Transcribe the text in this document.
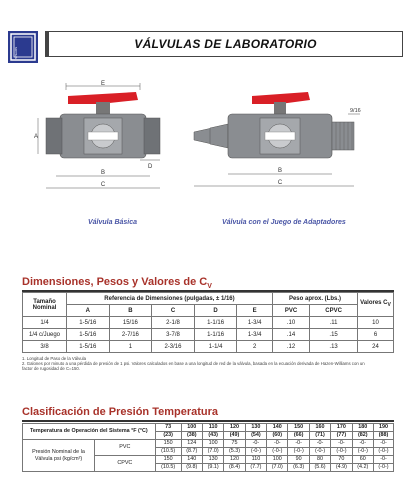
SPEARS
VÁLVULAS DE LABORATORIO
E
A
D
B
C
Válvula Básica
9/16
B
C
Válvula con el Juego de Adaptadores
Dimensiones, Pesos y Valores de $C_V$
Tamaño Nominal	Referencia de Dimensiones (pulgadas, ± 1/16)					Peso aprox. (Lbs.)		Valores $C_V$
	A	B	C	D	E	PVC	CPVC	
1/4	1-5/16	15/16	2-1/8	1-1/16	1-3/4	.10	.11	10
1/4 c/Juego	1-5/16	2-7/16	3-7/8	1-1/16	1-3/4	.14	.15	6
3/8	1-5/16	1	2-3/16	1-1/4	2	.12	.13	24
1. Longitud de Paso de la Válvula
2. Galones por minuto a una pérdida de presión de 1 psi. Valores calculados en base a una longitud de red de la válvula, basada en la ecuación derivada de Hazen-Williams con un
factor de rugosidad de C=150.
Clasificación de Presión Temperatura
Temperatura de Operación del Sistema °F (°C)		73	100	110	120	130	140	150	160	170	180	190
		(23)	(38)	(43)	(49)	(54)	(60)	(66)	(71)	(77)	(82)	(88)
Presión Nominal de la Válvula psi (kg/cm²)	PVC	150	124	100	75	-0-	-0-	-0-	-0-	-0-	-0-	-0-
		(10.5)	(8.7)	(7.0)	(5.3)	(-0-)	(-0-)	(-0-)	(-0-)	(-0-)	(-0-)	(-0-)
	CPVC	150	140	130	120	110	100	90	80	70	60	-0-
		(10.5)	(9.8)	(9.1)	(8.4)	(7.7)	(7.0)	(6.3)	(5.6)	(4.9)	(4.2)	(-0-)
